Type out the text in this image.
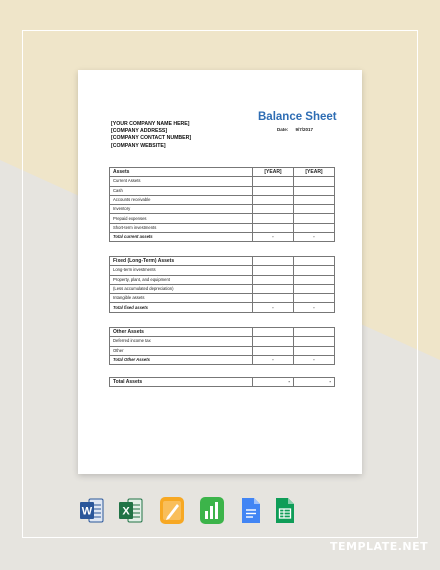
Balance Sheet
Date: 9/7/2017
[YOUR COMPANY NAME HERE]
[COMPANY ADDRESS]
[COMPANY CONTACT NUMBER]
[COMPANY WEBSITE]
Assets	[YEAR]	[YEAR]
Current Assets		
Cash		
Accounts receivable		
Inventory		
Prepaid expenses		
Short-term investments		
Total current assets	-	-
Fixed (Long-Term) Assets		
Long-term investments		
Property, plant, and equipment		
(Less accumulated depreciation)		
Intangible assets		
Total fixed assets	-	-
Other Assets		
Deferred income tax		
Other		
Total Other Assets	-	-
Total Assets	-	-
W	X
TEMPLATE.NET
